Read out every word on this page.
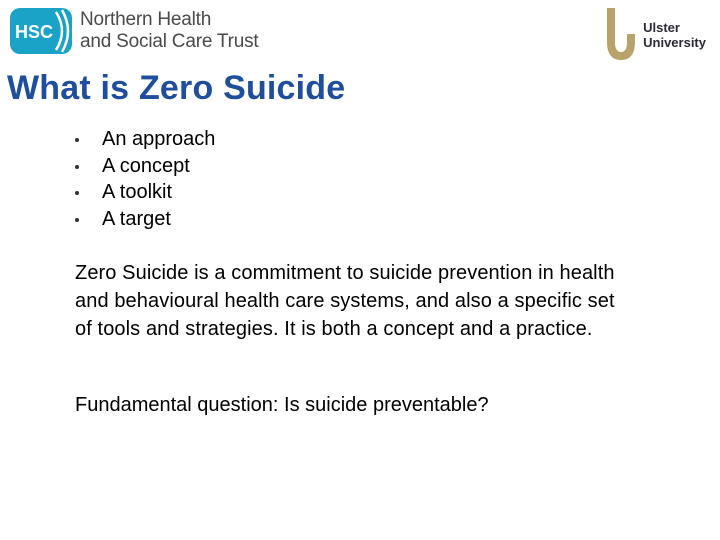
HSC
Northern Health
and Social Care Trust
Ulster
University
What is Zero Suicide
An approach
A concept
A toolkit
A target

Zero Suicide is a commitment to suicide prevention in health and behavioural health care systems, and also a specific set of tools and strategies. It is both a concept and a practice.

Fundamental question: Is suicide preventable?
